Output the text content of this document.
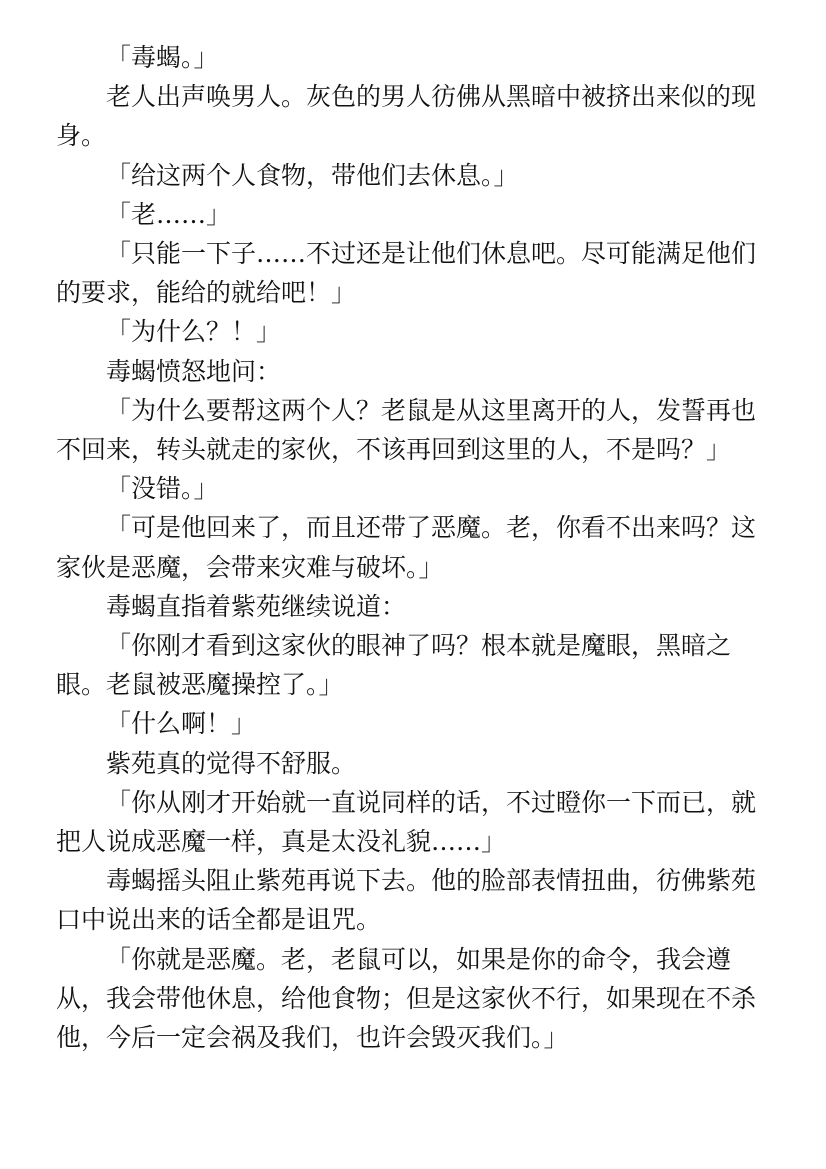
「毒蝎。」

老人出声唤男人。灰色的男人彷佛从黑暗中被挤出来似的现身。

「给这两个人食物，带他们去休息。」

「老……」

「只能一下子……不过还是让他们休息吧。尽可能满足他们的要求，能给的就给吧！」

「为什么？！」

毒蝎愤怒地问：

「为什么要帮这两个人？老鼠是从这里离开的人，发誓再也不回来，转头就走的家伙，不该再回到这里的人，不是吗？」

「没错。」

「可是他回来了，而且还带了恶魔。老，你看不出来吗？这家伙是恶魔，会带来灾难与破坏。」

毒蝎直指着紫苑继续说道：

「你刚才看到这家伙的眼神了吗？根本就是魔眼，黑暗之眼。老鼠被恶魔操控了。」

「什么啊！」

紫苑真的觉得不舒服。

「你从刚才开始就一直说同样的话，不过瞪你一下而已，就把人说成恶魔一样，真是太没礼貌……」

毒蝎摇头阻止紫苑再说下去。他的脸部表情扭曲，彷佛紫苑口中说出来的话全都是诅咒。

「你就是恶魔。老，老鼠可以，如果是你的命令，我会遵从，我会带他休息，给他食物；但是这家伙不行，如果现在不杀他，今后一定会祸及我们，也许会毁灭我们。」
